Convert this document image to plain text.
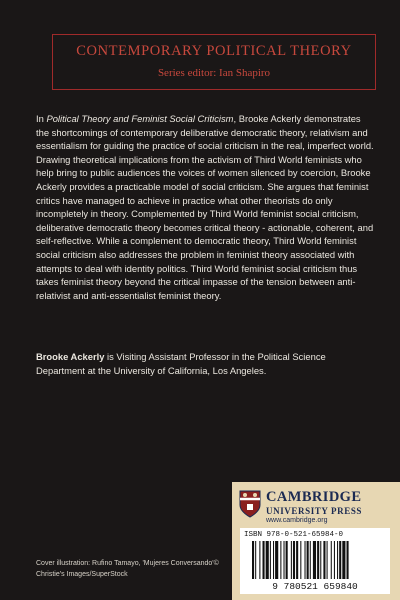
CONTEMPORARY POLITICAL THEORY
Series editor: Ian Shapiro

In Political Theory and Feminist Social Criticism, Brooke Ackerly demonstrates the shortcomings of contemporary deliberative democratic theory, relativism and essentialism for guiding the practice of social criticism in the real, imperfect world. Drawing theoretical implications from the activism of Third World feminists who help bring to public audiences the voices of women silenced by coercion, Brooke Ackerly provides a practicable model of social criticism. She argues that feminist critics have managed to achieve in practice what other theorists do only incompletely in theory. Complemented by Third World feminist social criticism, deliberative democratic theory becomes critical theory - actionable, coherent, and self-reflective. While a complement to democratic theory, Third World feminist social criticism also addresses the problem in feminist theory associated with attempts to deal with identity politics. Third World feminist social criticism thus takes feminist theory beyond the critical impasse of the tension between anti-relativist and anti-essentialist feminist theory.

Brooke Ackerly is Visiting Assistant Professor in the Political Science Department at the University of California, Los Angeles.

Cover illustration: Rufino Tamayo, 'Mujeres Conversando'© Christie's Images/SuperStock

CAMBRIDGE
UNIVERSITY PRESS
www.cambridge.org
ISBN 978-0-521-65984-0
9 780521 659840
